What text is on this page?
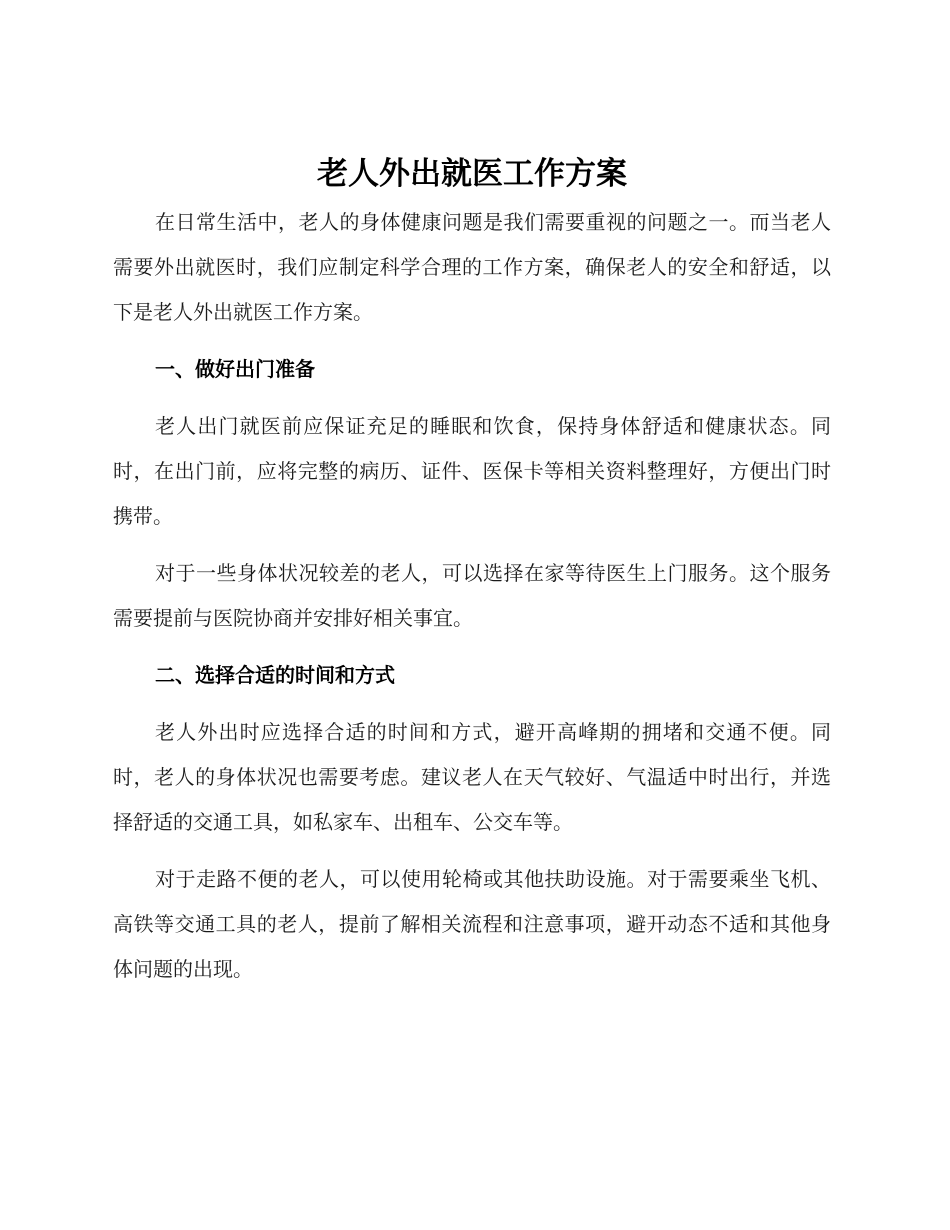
老人外出就医工作方案

在日常生活中，老人的身体健康问题是我们需要重视的问题之一。而当老人需要外出就医时，我们应制定科学合理的工作方案，确保老人的安全和舒适，以下是老人外出就医工作方案。

一、做好出门准备

老人出门就医前应保证充足的睡眠和饮食，保持身体舒适和健康状态。同时，在出门前，应将完整的病历、证件、医保卡等相关资料整理好，方便出门时携带。

对于一些身体状况较差的老人，可以选择在家等待医生上门服务。这个服务需要提前与医院协商并安排好相关事宜。

二、选择合适的时间和方式

老人外出时应选择合适的时间和方式，避开高峰期的拥堵和交通不便。同时，老人的身体状况也需要考虑。建议老人在天气较好、气温适中时出行，并选择舒适的交通工具，如私家车、出租车、公交车等。

对于走路不便的老人，可以使用轮椅或其他扶助设施。对于需要乘坐飞机、高铁等交通工具的老人，提前了解相关流程和注意事项，避开动态不适和其他身体问题的出现。
